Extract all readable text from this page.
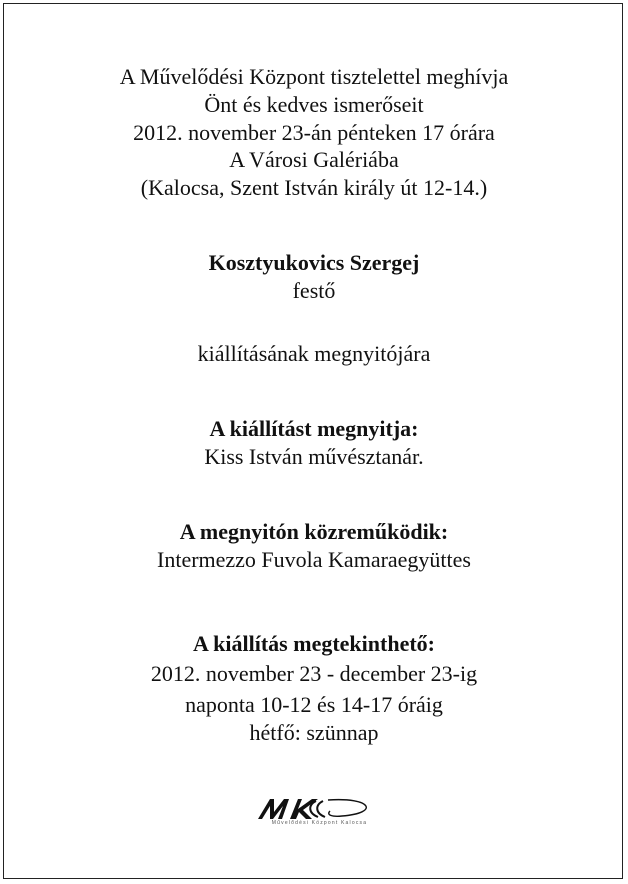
A Művelődési Központ tisztelettel meghívja
Önt és kedves ismerőseit
2012. november 23-án pénteken 17 órára
A Városi Galériába
(Kalocsa, Szent István király út 12-14.)
Kosztyukovics Szergej
festő
kiállításának megnyitójára
A kiállítást megnyitja:
Kiss István művésztanár.
A megnyitón közreműködik:
Intermezzo Fuvola Kamaraegyüttes
A kiállítás megtekinthető:
2012. november 23 - december 23-ig
naponta 10-12 és 14-17 óráig
hétfő: szünnap
Művelődési Központ Kalocsa
